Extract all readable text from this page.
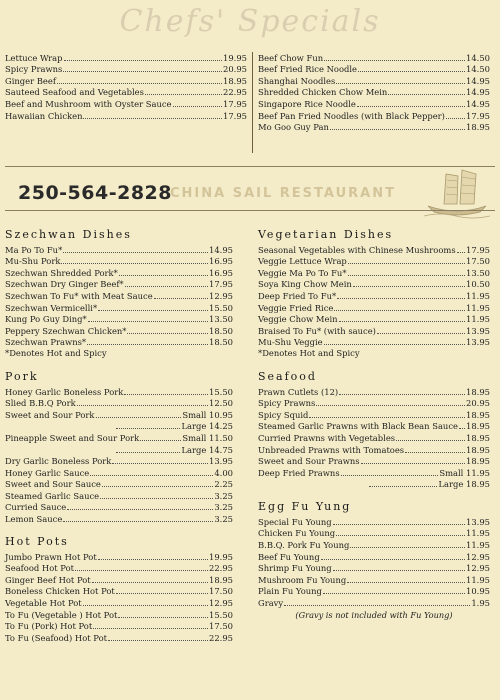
Chefs' Specials
Lettuce Wrap	19.95
Spicy Prawns	20.95
Ginger Beef	18.95
Sauteed Seafood and Vegetables	22.95
Beef and Mushroom with Oyster Sauce	17.95
Hawaiian Chicken	17.95
Beef Chow Fun	14.50
Beef Fried Rice Noodle	14.50
Shanghai Noodles	14.95
Shredded Chicken Chow Mein	14.95
Singapore Rice Noodle	14.95
Beef Pan Fried Noodles (with Black Pepper)	17.95
Mo Goo Guy Pan	18.95
250-564-2828
CHINA SAIL RESTAURANT
Szechwan Dishes
Ma Po To Fu*	14.95
Mu-Shu Pork	16.95
Szechwan Shredded Pork*	16.95
Szechwan Dry Ginger Beef*	17.95
Szechwan To Fu* with Meat Sauce	12.95
Szechwan Vermicelli*	15.50
Kung Po Guy Ding*	13.50
Peppery Szechwan Chicken*	18.50
Szechwan Prawns*	18.50
*Denotes Hot and Spicy
Pork
Honey Garlic Boneless Pork	15.50
Slied B.B.Q Pork	12.50
Sweet and Sour Pork	Small 10.95
Large 14.25
Pineapple Sweet and Sour Pork	Small 11.50
Large 14.75
Dry Garlic Boneless Pork	13.95
Honey Garlic Sauce	4.00
Sweet and Sour Sauce	2.25
Steamed Garlic Sauce	3.25
Curried Sauce	3.25
Lemon Sauce	3.25
Hot Pots
Jumbo Prawn Hot Pot	19.95
Seafood Hot Pot	22.95
Ginger Beef Hot Pot	18.95
Boneless Chicken Hot Pot	17.50
Vegetable Hot Pot	12.95
To Fu (Vegetable ) Hot Pot	15.50
To Fu (Pork) Hot Pot	17.50
To Fu (Seafood) Hot Pot	22.95
Vegetarian Dishes
Seasonal Vegetables with Chinese Mushrooms 17.95
Veggie Lettuce Wrap	17.50
Veggie Ma Po To Fu*	13.50
Soya King Chow Mein	10.50
Deep Fried To Fu*	11.95
Veggie Fried Rice	11.95
Veggie Chow Mein	11.95
Braised To Fu* (with sauce)	13.95
Mu-Shu Veggie	13.95
*Denotes Hot and Spicy
Seafood
Prawn Cutlets (12)	18.95
Spicy Prawns	20.95
Spicy Squid	18.95
Steamed Garlic Prawns with Black Bean Sauce 18.95
Curried Prawns with Vegetables	18.95
Unbreaded Prawns with Tomatoes	18.95
Sweet and Sour Prawns	18.95
Deep Fried Prawns	Small 11.95
Large 18.95
Egg Fu Yung
Special Fu Young	13.95
Chicken Fu Young	11.95
B.B.Q. Pork Fu Young	11.95
Beef Fu Young	12.95
Shrimp Fu Young	12.95
Mushroom Fu Young	11.95
Plain Fu Young	10.95
Gravy	1.95
(Gravy is not included with Fu Young)
